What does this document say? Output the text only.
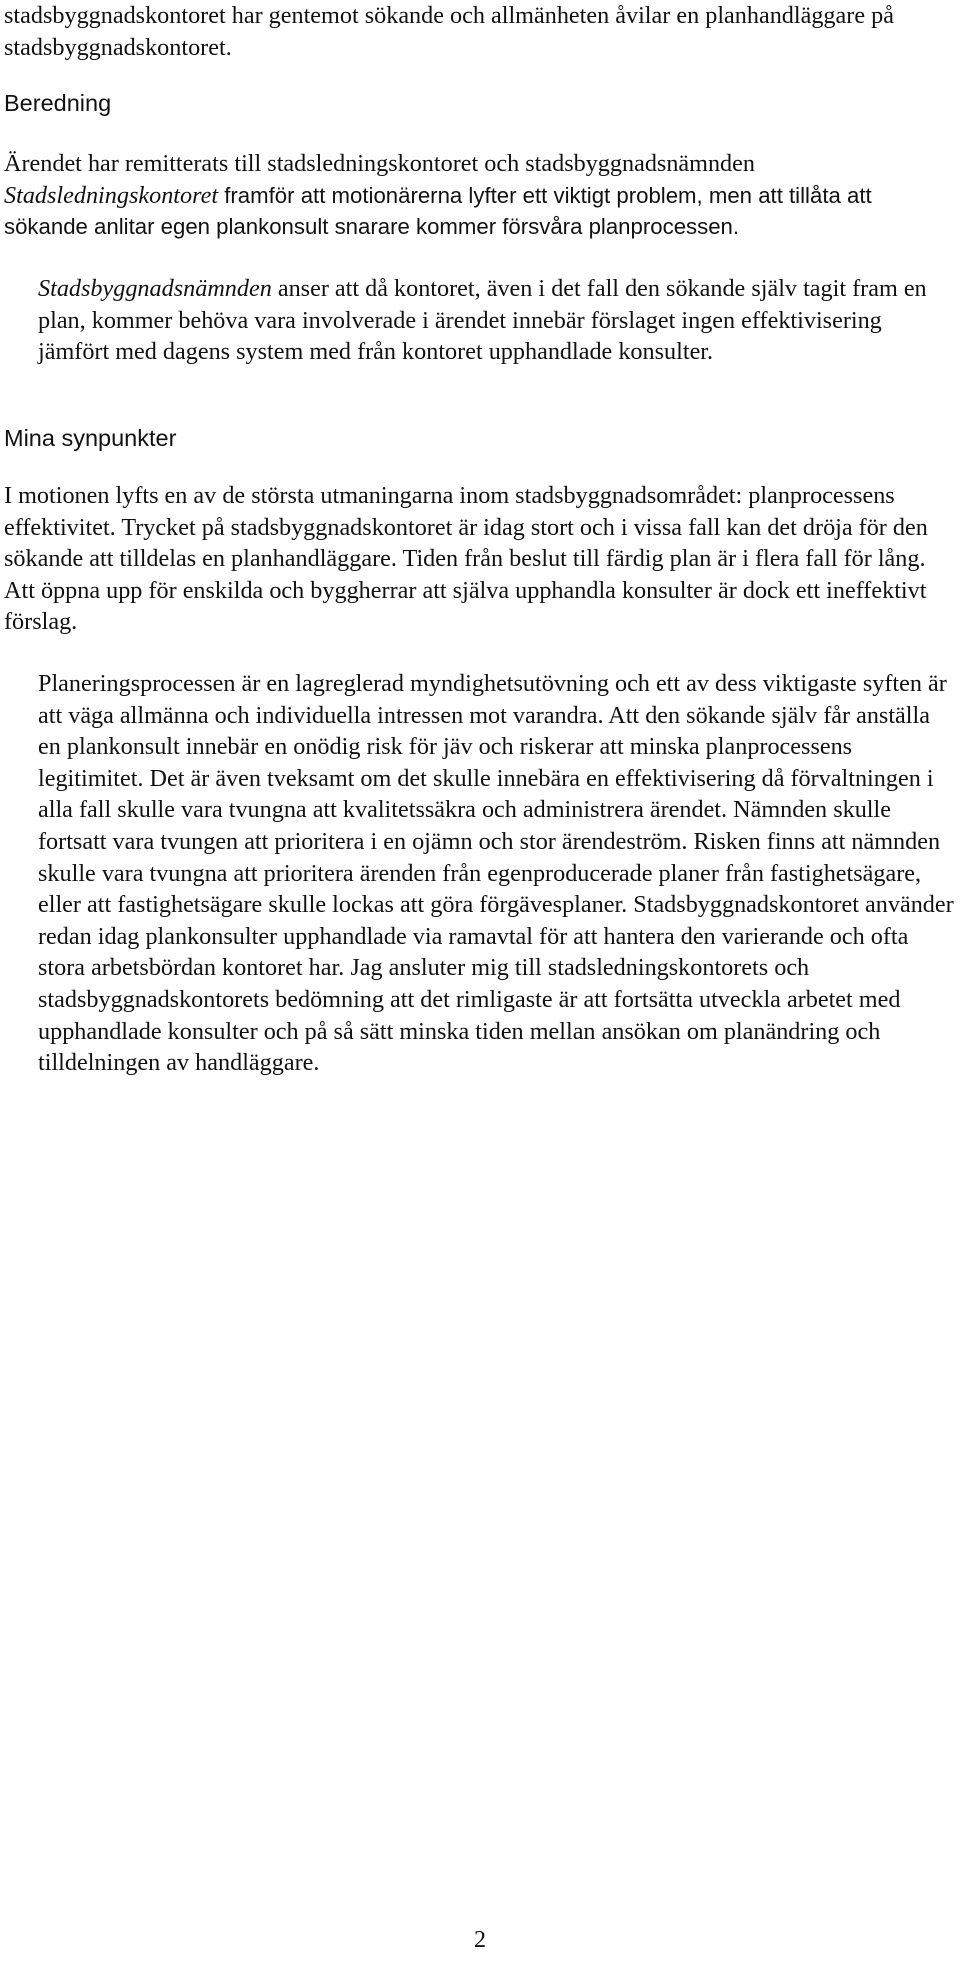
stadsbyggnadskontoret har gentemot sökande och allmänheten åvilar en planhandläggare på stadsbyggnadskontoret.

Beredning

Ärendet har remitterats till stadsledningskontoret och stadsbyggnadsnämnden
Stadsledningskontoret framför att motionärerna lyfter ett viktigt problem, men att tillåta att sökande anlitar egen plankonsult snarare kommer försvåra planprocessen.

Stadsbyggnadsnämnden anser att då kontoret, även i det fall den sökande själv tagit fram en plan, kommer behöva vara involverade i ärendet innebär förslaget ingen effektivisering jämfört med dagens system med från kontoret upphandlade konsulter.

Mina synpunkter

I motionen lyfts en av de största utmaningarna inom stadsbyggnadsområdet: planprocessens effektivitet. Trycket på stadsbyggnadskontoret är idag stort och i vissa fall kan det dröja för den sökande att tilldelas en planhandläggare. Tiden från beslut till färdig plan är i flera fall för lång. Att öppna upp för enskilda och byggherrar att själva upphandla konsulter är dock ett ineffektivt förslag.

Planeringsprocessen är en lagreglerad myndighetsutövning och ett av dess viktigaste syften är att väga allmänna och individuella intressen mot varandra. Att den sökande själv får anställa en plankonsult innebär en onödig risk för jäv och riskerar att minska planprocessens legitimitet. Det är även tveksamt om det skulle innebära en effektivisering då förvaltningen i alla fall skulle vara tvungna att kvalitetssäkra och administrera ärendet. Nämnden skulle fortsatt vara tvungen att prioritera i en ojämn och stor ärendeström. Risken finns att nämnden skulle vara tvungna att prioritera ärenden från egenproducerade planer från fastighetsägare, eller att fastighetsägare skulle lockas att göra förgävesplaner. Stadsbyggnadskontoret använder redan idag plankonsulter upphandlade via ramavtal för att hantera den varierande och ofta stora arbetsbördan kontoret har. Jag ansluter mig till stadsledningskontorets och stadsbyggnadskontorets bedömning att det rimligaste är att fortsätta utveckla arbetet med upphandlade konsulter och på så sätt minska tiden mellan ansökan om planändring och tilldelningen av handläggare.

2
